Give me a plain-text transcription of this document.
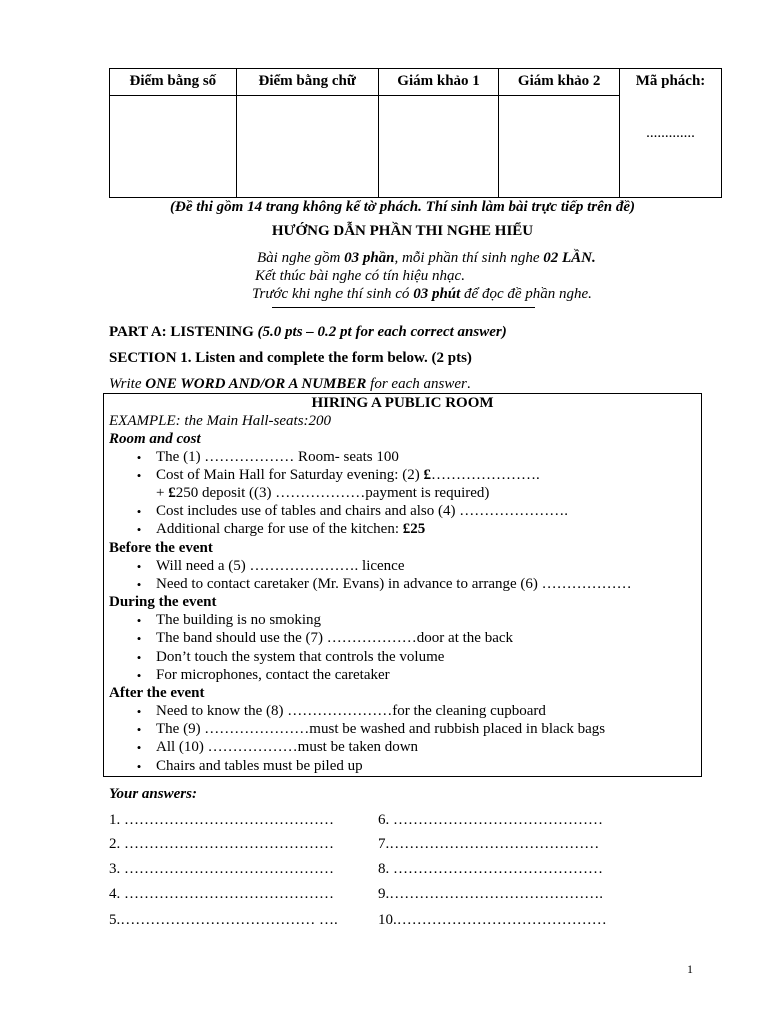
Điểm bằng số	Điểm bằng chữ	Giám khảo 1	Giám khảo 2	Mã phách:
.............

(Đề thi gồm 14 trang không kể tờ phách. Thí sinh làm bài trực tiếp trên đề)
HƯỚNG DẪN PHẦN THI NGHE HIỂU
Bài nghe gồm 03 phần, mỗi phần thí sinh nghe 02 LẦN.
Kết thúc bài nghe có tín hiệu nhạc.
Trước khi nghe thí sinh có 03 phút để đọc đề phần nghe.
PART A: LISTENING (5.0 pts – 0.2 pt for each correct answer)
SECTION 1. Listen and complete the form below. (2 pts)
Write ONE WORD AND/OR A NUMBER for each answer.
HIRING A PUBLIC ROOM
EXAMPLE: the Main Hall-seats:200
Room and cost
• The (1) ……………… Room- seats 100
• Cost of Main Hall for Saturday evening: (2) £………………….
+ £250 deposit ((3) ………………payment is required)
• Cost includes use of tables and chairs and also (4) ………………….
• Additional charge for use of the kitchen: £25
Before the event
• Will need a (5) …………………. licence
• Need to contact caretaker (Mr. Evans) in advance to arrange (6) ………………
During the event
• The building is no smoking
• The band should use the (7) ………………door at the back
• Don’t touch the system that controls the volume
• For microphones, contact the caretaker
After the event
• Need to know the (8) …………………for the cleaning cupboard
• The (9) …………………must be washed and rubbish placed in black bags
• All (10) ………………must be taken down
• Chairs and tables must be piled up
Your answers:
1. ……………………………………
2. ……………………………………
3. ……………………………………
4. ……………………………………
5.………………………………… ….
6. ……………………………………
7.……………………………………
8. ……………………………………
9.…………………………………….
10.……………………………………
1
